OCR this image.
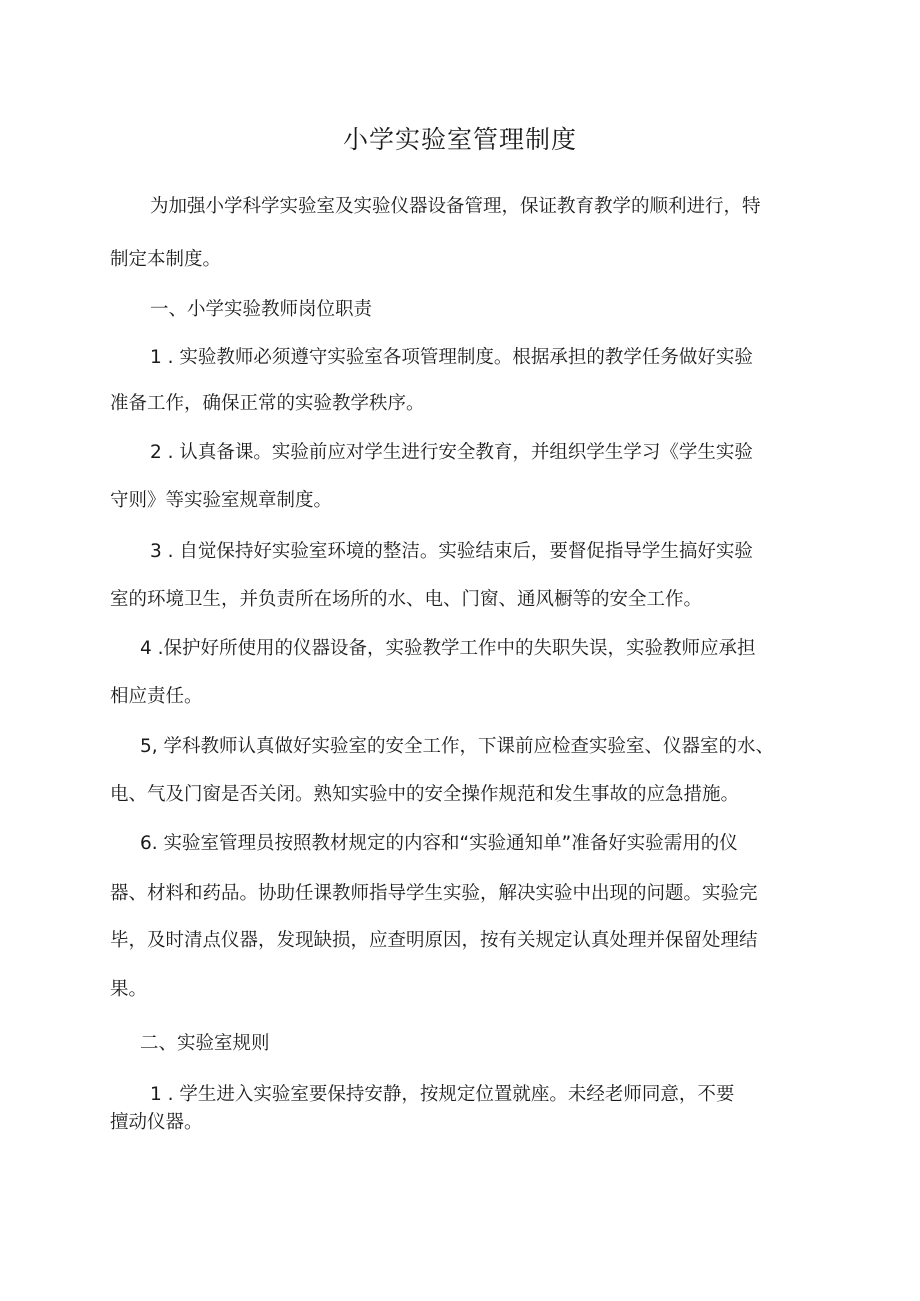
小学实验室管理制度
为加强小学科学实验室及实验仪器设备管理，保证教育教学的顺利进行，特
制定本制度。
一、小学实验教师岗位职责
1 . 实验教师必须遵守实验室各项管理制度。根据承担的教学任务做好实验
准备工作，确保正常的实验教学秩序。
2 . 认真备课。实验前应对学生进行安全教育，并组织学生学习《学生实验
守则》等实验室规章制度。
3 . 自觉保持好实验室环境的整洁。实验结束后，要督促指导学生搞好实验
室的环境卫生，并负责所在场所的水、电、门窗、通风橱等的安全工作。
4 .保护好所使用的仪器设备，实验教学工作中的失职失误，实验教师应承担
相应责任。
5, 学科教师认真做好实验室的安全工作，下课前应检查实验室、仪器室的水、
电、气及门窗是否关闭。熟知实验中的安全操作规范和发生事故的应急措施。
6. 实验室管理员按照教材规定的内容和“实验通知单”准备好实验需用的仪
器、材料和药品。协助任课教师指导学生实验，解决实验中出现的问题。实验完
毕，及时清点仪器，发现缺损，应查明原因，按有关规定认真处理并保留处理结
果。
二、实验室规则
1 . 学生进入实验室要保持安静，按规定位置就座。未经老师同意，不要
擅动仪器。
